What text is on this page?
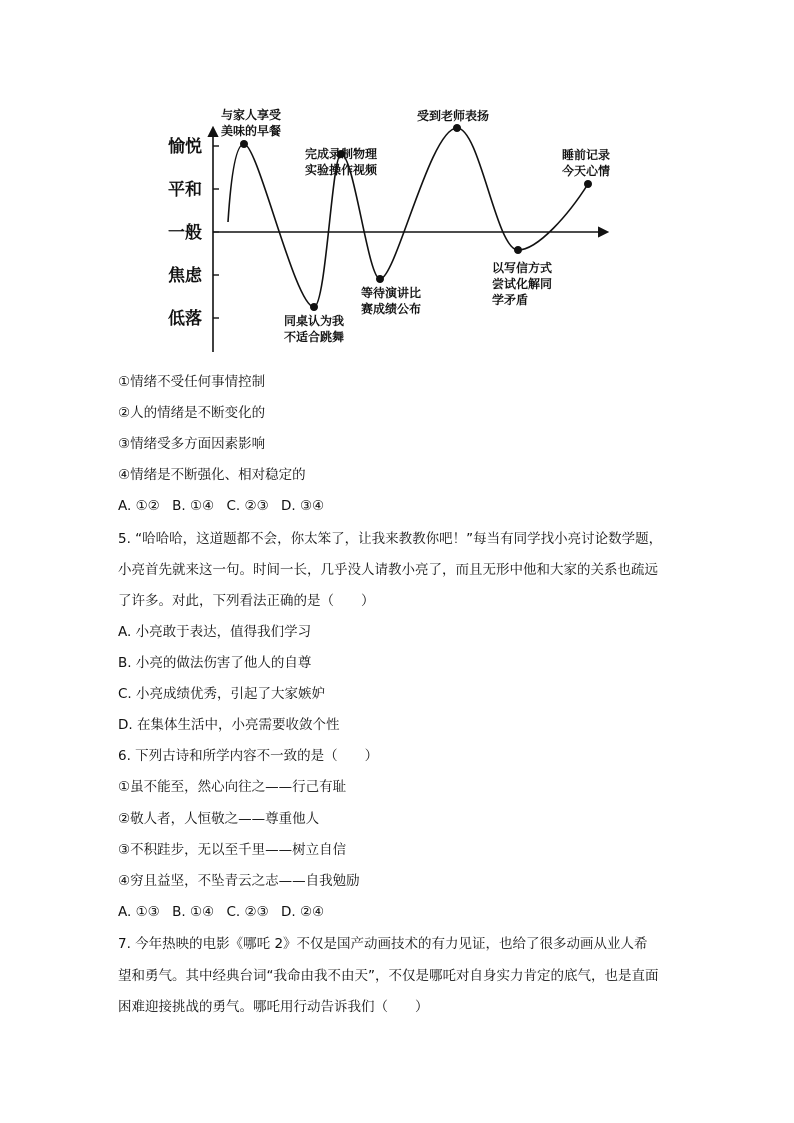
愉悦
平和
一般
焦虑
低落
与家人享受
美味的早餐
同桌认为我
不适合跳舞
完成录制物理
实验操作视频
等待演讲比
赛成绩公布
受到老师表扬
以写信方式
尝试化解同
学矛盾
睡前记录
今天心情
①情绪不受任何事情控制
②人的情绪是不断变化的
③情绪受多方面因素影响
④情绪是不断强化、相对稳定的
A. ①② B. ①④ C. ②③ D. ③④
5. “哈哈哈，这道题都不会，你太笨了，让我来教教你吧！”每当有同学找小亮讨论数学题，
小亮首先就来这一句。时间一长，几乎没人请教小亮了，而且无形中他和大家的关系也疏远
了许多。对此，下列看法正确的是（　　）
A. 小亮敢于表达，值得我们学习
B. 小亮的做法伤害了他人的自尊
C. 小亮成绩优秀，引起了大家嫉妒
D. 在集体生活中，小亮需要收敛个性
6. 下列古诗和所学内容不一致的是（　　）
①虽不能至，然心向往之——行己有耻
②敬人者，人恒敬之——尊重他人
③不积跬步，无以至千里——树立自信
④穷且益坚，不坠青云之志——自我勉励
A. ①③ B. ①④ C. ②③ D. ②④
7. 今年热映的电影《哪吒 2》不仅是国产动画技术的有力见证，也给了很多动画从业人希
望和勇气。其中经典台词“我命由我不由天”，不仅是哪吒对自身实力肯定的底气，也是直面
困难迎接挑战的勇气。哪吒用行动告诉我们（　　）
